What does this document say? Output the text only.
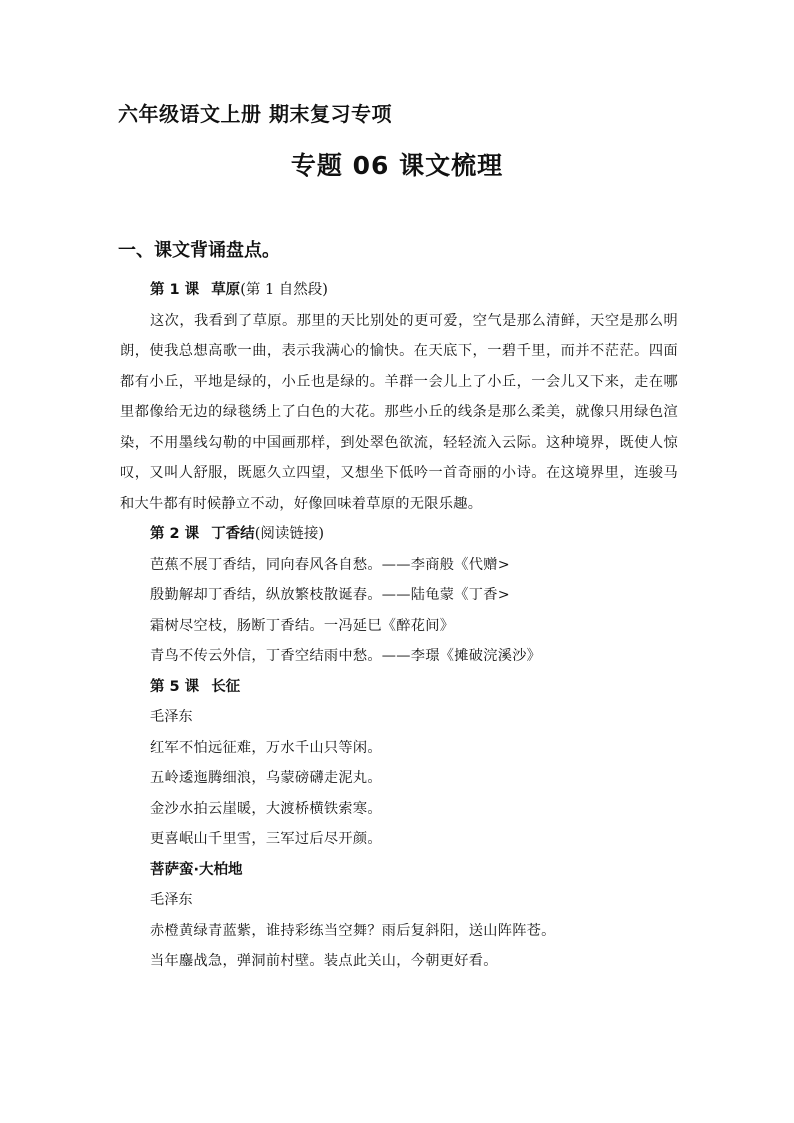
六年级语文上册 期末复习专项
专题 06 课文梳理
一、课文背诵盘点。

第 1 课 草原(第 1 自然段)

这次，我看到了草原。那里的天比别处的更可爱，空气是那么清鲜，天空是那么明朗，使我总想高歌一曲，表示我满心的愉快。在天底下，一碧千里，而并不茫茫。四面都有小丘，平地是绿的，小丘也是绿的。羊群一会儿上了小丘，一会儿又下来，走在哪里都像给无边的绿毯绣上了白色的大花。那些小丘的线条是那么柔美，就像只用绿色渲染，不用墨线勾勒的中国画那样，到处翠色欲流，轻轻流入云际。这种境界，既使人惊叹，又叫人舒服，既愿久立四望，又想坐下低吟一首奇丽的小诗。在这境界里，连骏马和大牛都有时候静立不动，好像回味着草原的无限乐趣。

第 2 课 丁香结(阅读链接)

芭蕉不展丁香结，同向春风各自愁。——李商般《代赠>

殷勤解却丁香结，纵放繁枝散诞春。——陆龟蒙《丁香>

霜树尽空枝，肠断丁香结。一冯延巳《醉花间》

青鸟不传云外信，丁香空结雨中愁。——李璟《摊破浣溪沙》

第 5 课 长征

毛泽东

红军不怕远征难，万水千山只等闲。

五岭逶迤腾细浪，乌蒙磅礴走泥丸。

金沙水拍云崖暖，大渡桥横铁索寒。

更喜岷山千里雪，三军过后尽开颜。

菩萨蛮·大柏地

毛泽东

赤橙黄绿青蓝紫，谁持彩练当空舞？雨后复斜阳，送山阵阵苍。

当年鏖战急，弹洞前村壁。装点此关山，今朝更好看。
